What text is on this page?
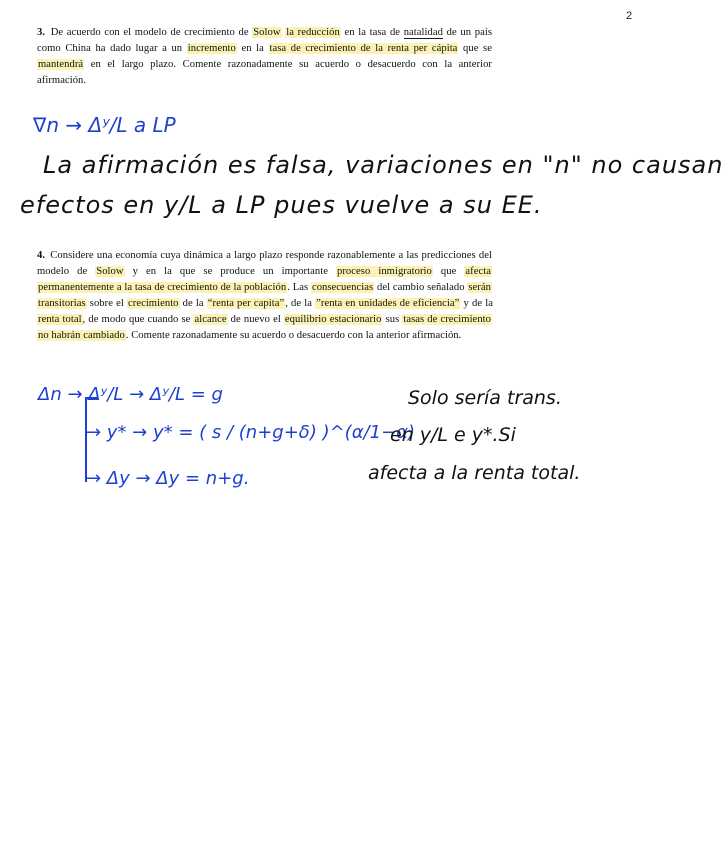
2
3. De acuerdo con el modelo de crecimiento de Solow la reducción en la tasa de natalidad de un país como China ha dado lugar a un incremento en la tasa de crecimiento de la renta per cápita que se mantendrá en el largo plazo. Comente razonadamente su acuerdo o desacuerdo con la anterior afirmación.
∇n → Δʸ/L a LP
La afirmación es falsa, variaciones en "n" no causan
efectos en y/L a LP pues vuelve a su EE.
4. Considere una economía cuya dinámica a largo plazo responde razonablemente a las predicciones del modelo de Solow y en la que se produce un importante proceso inmigratorio que afecta permanentemente a la tasa de crecimiento de la población. Las consecuencias del cambio señalado serán transitorias sobre el crecimiento de la “renta per capita”, de la ”renta en unidades de eficiencia” y de la renta total, de modo que cuando se alcance de nuevo el equilibrio estacionario sus tasas de crecimiento no habrán cambiado. Comente razonadamente su acuerdo o desacuerdo con la anterior afirmación.
Δn → Δʸ/L → Δʸ/L = g
→ y* → y* = ( s / (n+g+δ) )^(α/1−α)
→ Δy → Δy = n+g.
Solo sería trans.
en y/L e y*.Si
afecta a la renta total.
